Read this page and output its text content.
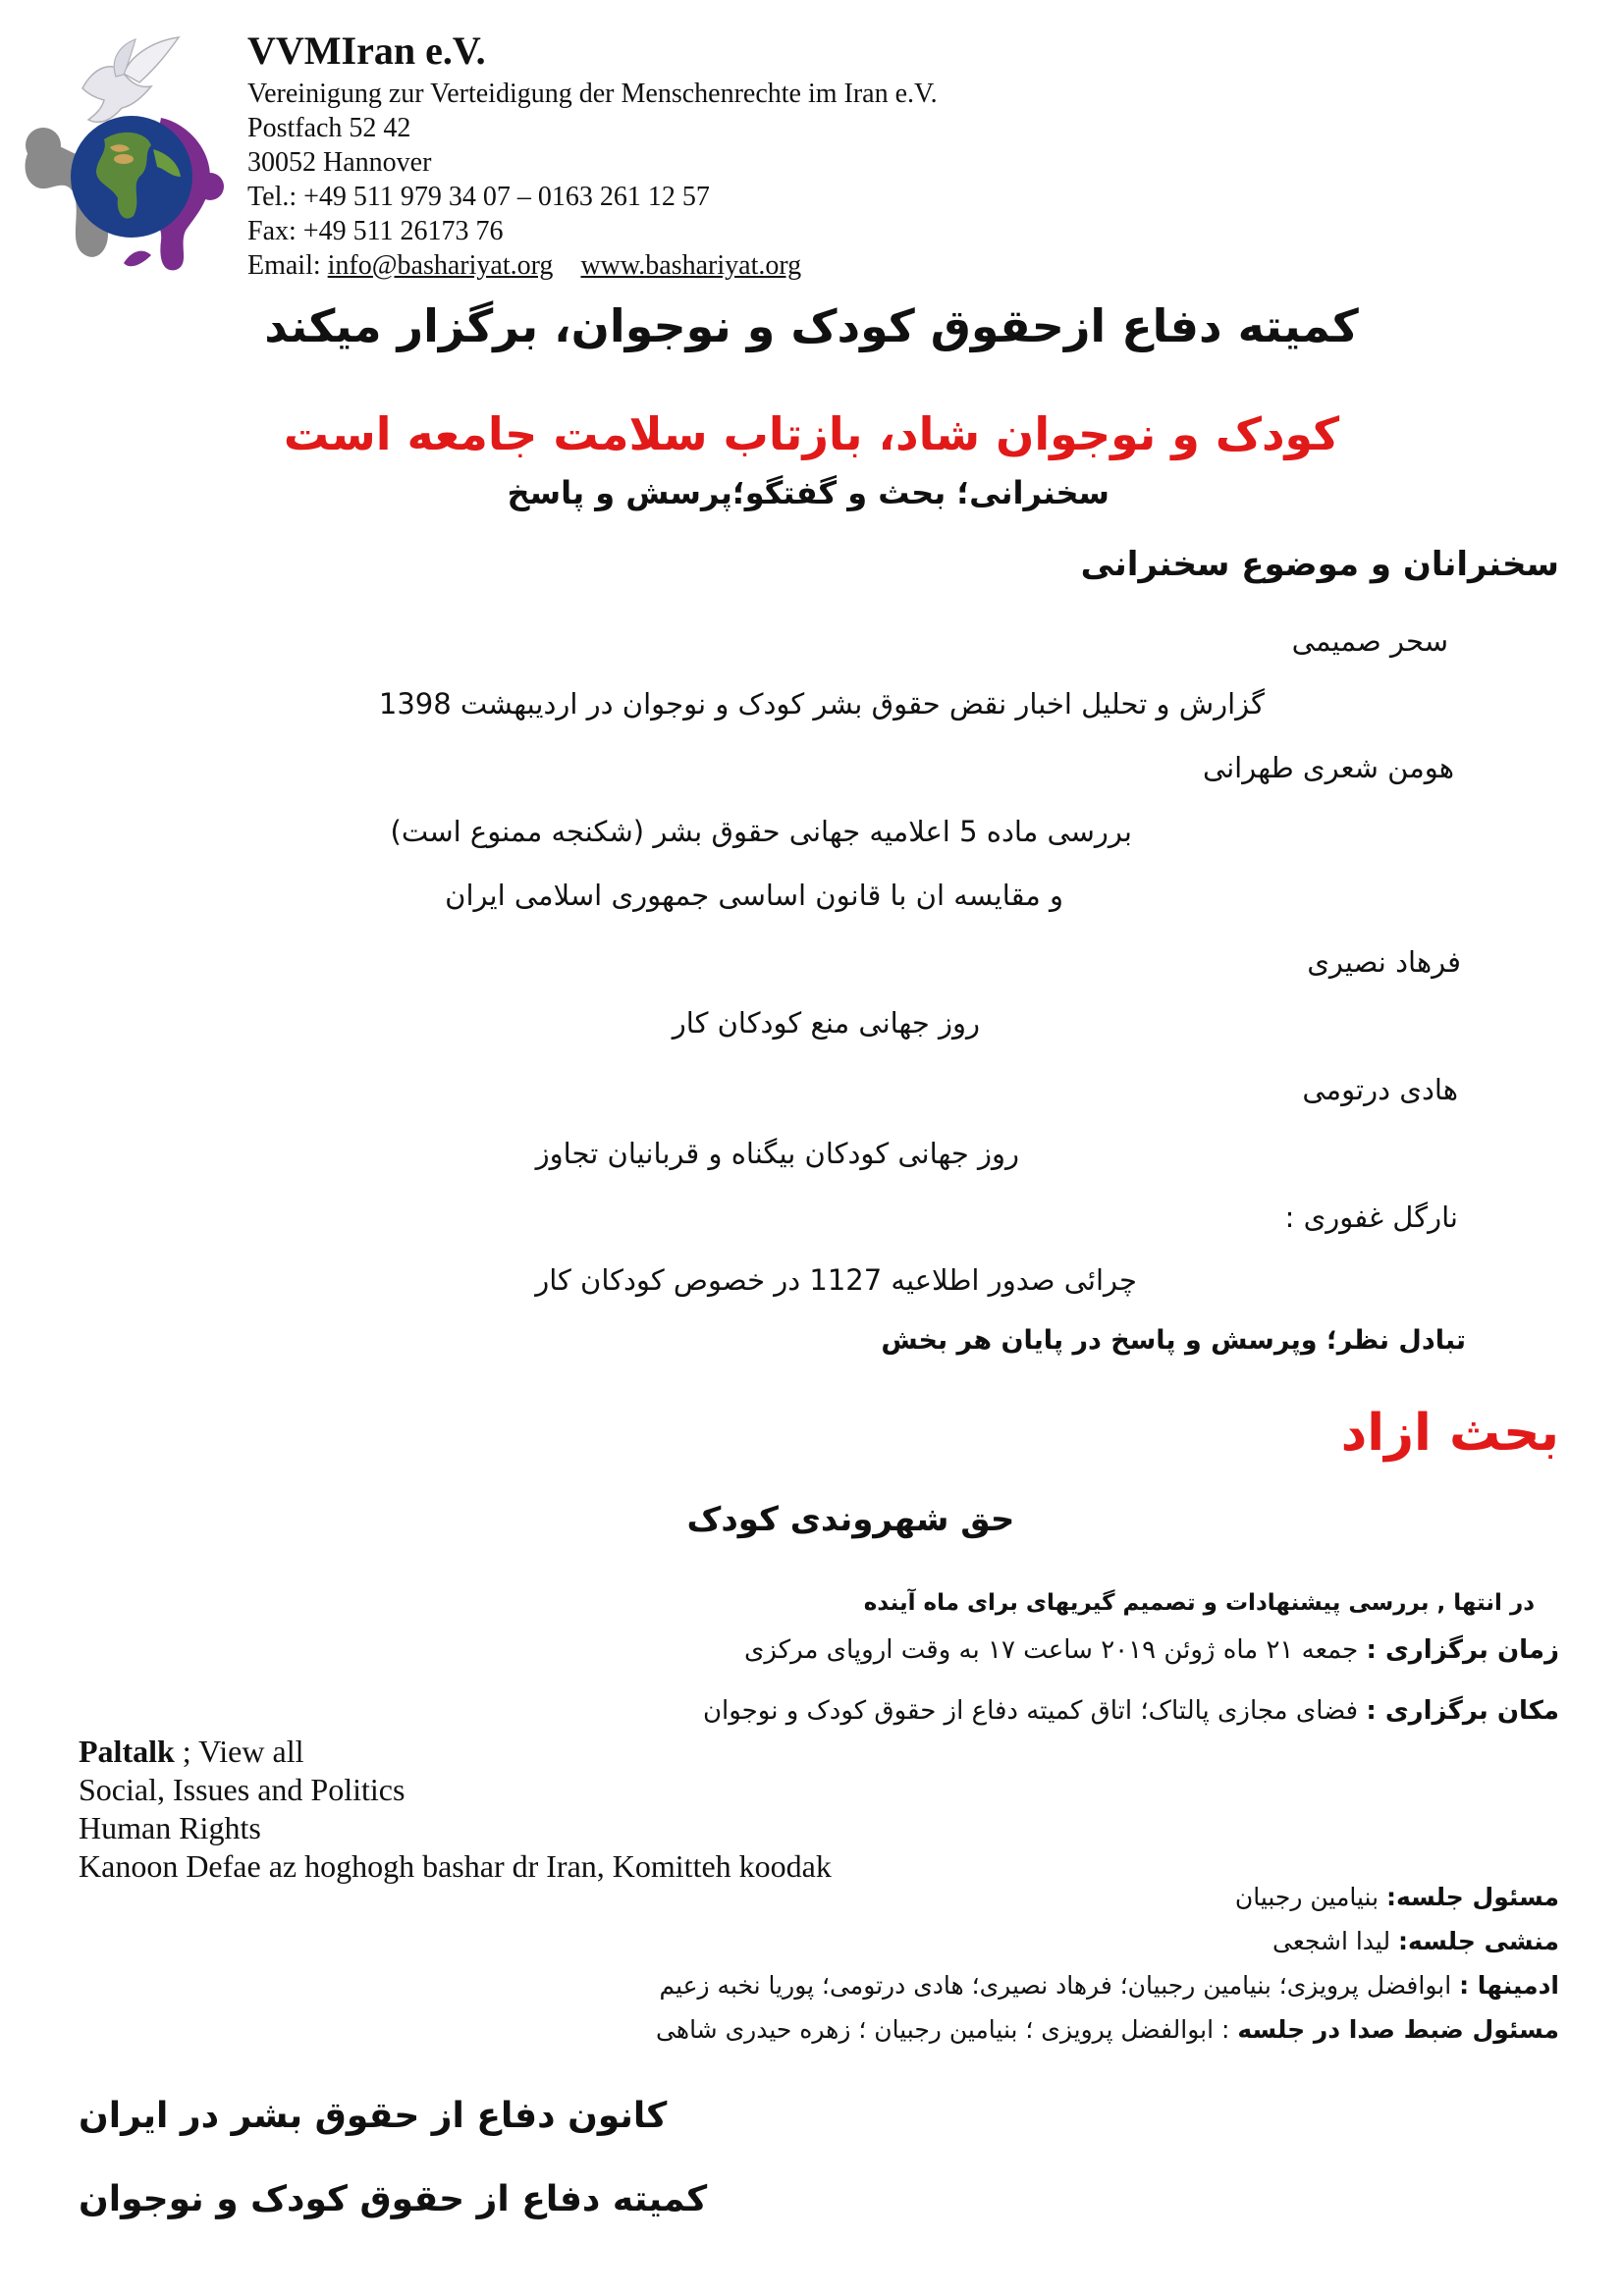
VVMIran e.V.
Vereinigung zur Verteidigung der Menschenrechte im Iran e.V.
Postfach 52 42
30052 Hannover
Tel.: +49 511 979 34 07 – 0163 261 12 57
Fax: +49 511 26173 76
Email: info@bashariyat.org www.bashariyat.org
کمیته دفاع ازحقوق کودک و نوجوان، برگزار میکند
کودک و نوجوان شاد، بازتاب سلامت جامعه است
سخنرانی؛ بحث و گفتگو؛پرسش و پاسخ
سخنرانان و موضوع سخنرانی
سحر صمیمی
گزارش و تحلیل اخبار نقض حقوق بشر کودک و نوجوان در اردیبهشت 1398
هومن شعری طهرانی
بررسی ماده 5 اعلامیه جهانی حقوق بشر (شکنجه ممنوع است)
و مقایسه ان با قانون اساسی جمهوری اسلامی ایران
فرهاد نصیری
روز جهانی منع کودکان کار
هادی درتومی
روز جهانی کودکان بیگناه و قربانیان تجاوز
نارگل غفوری :
چرائی صدور اطلاعیه 1127 در خصوص کودکان کار
تبادل نظر؛ وپرسش و پاسخ در پایان هر بخش
بحث ازاد
حق شهروندی کودک
در انتها , بررسی پیشنهادات و تصمیم گیریهای برای ماه آینده
زمان برگزاری : جمعه ۲۱ ماه ژوئن ۲۰۱۹ ساعت ۱۷ به وقت اروپای مرکزی
مکان برگزاری : فضای مجازی پالتاک؛ اتاق کمیته دفاع از حقوق کودک و نوجوان
Paltalk ; View all
Social, Issues and Politics
Human Rights
Kanoon Defae az hoghogh bashar dr Iran, Komitteh koodak
مسئول جلسه: بنیامین رجبیان
منشی جلسه: لیدا اشجعی
ادمینها : ابوافضل پرویزی؛ بنیامین رجبیان؛ فرهاد نصیری؛ هادی درتومی؛ پوریا نخبه زعیم
مسئول ضبط صدا در جلسه : ابوالفضل پرویزی ؛ بنیامین رجبیان ؛ زهره حیدری شاهی
کانون دفاع از حقوق بشر در ایران
کمیته دفاع از حقوق کودک و نوجوان
